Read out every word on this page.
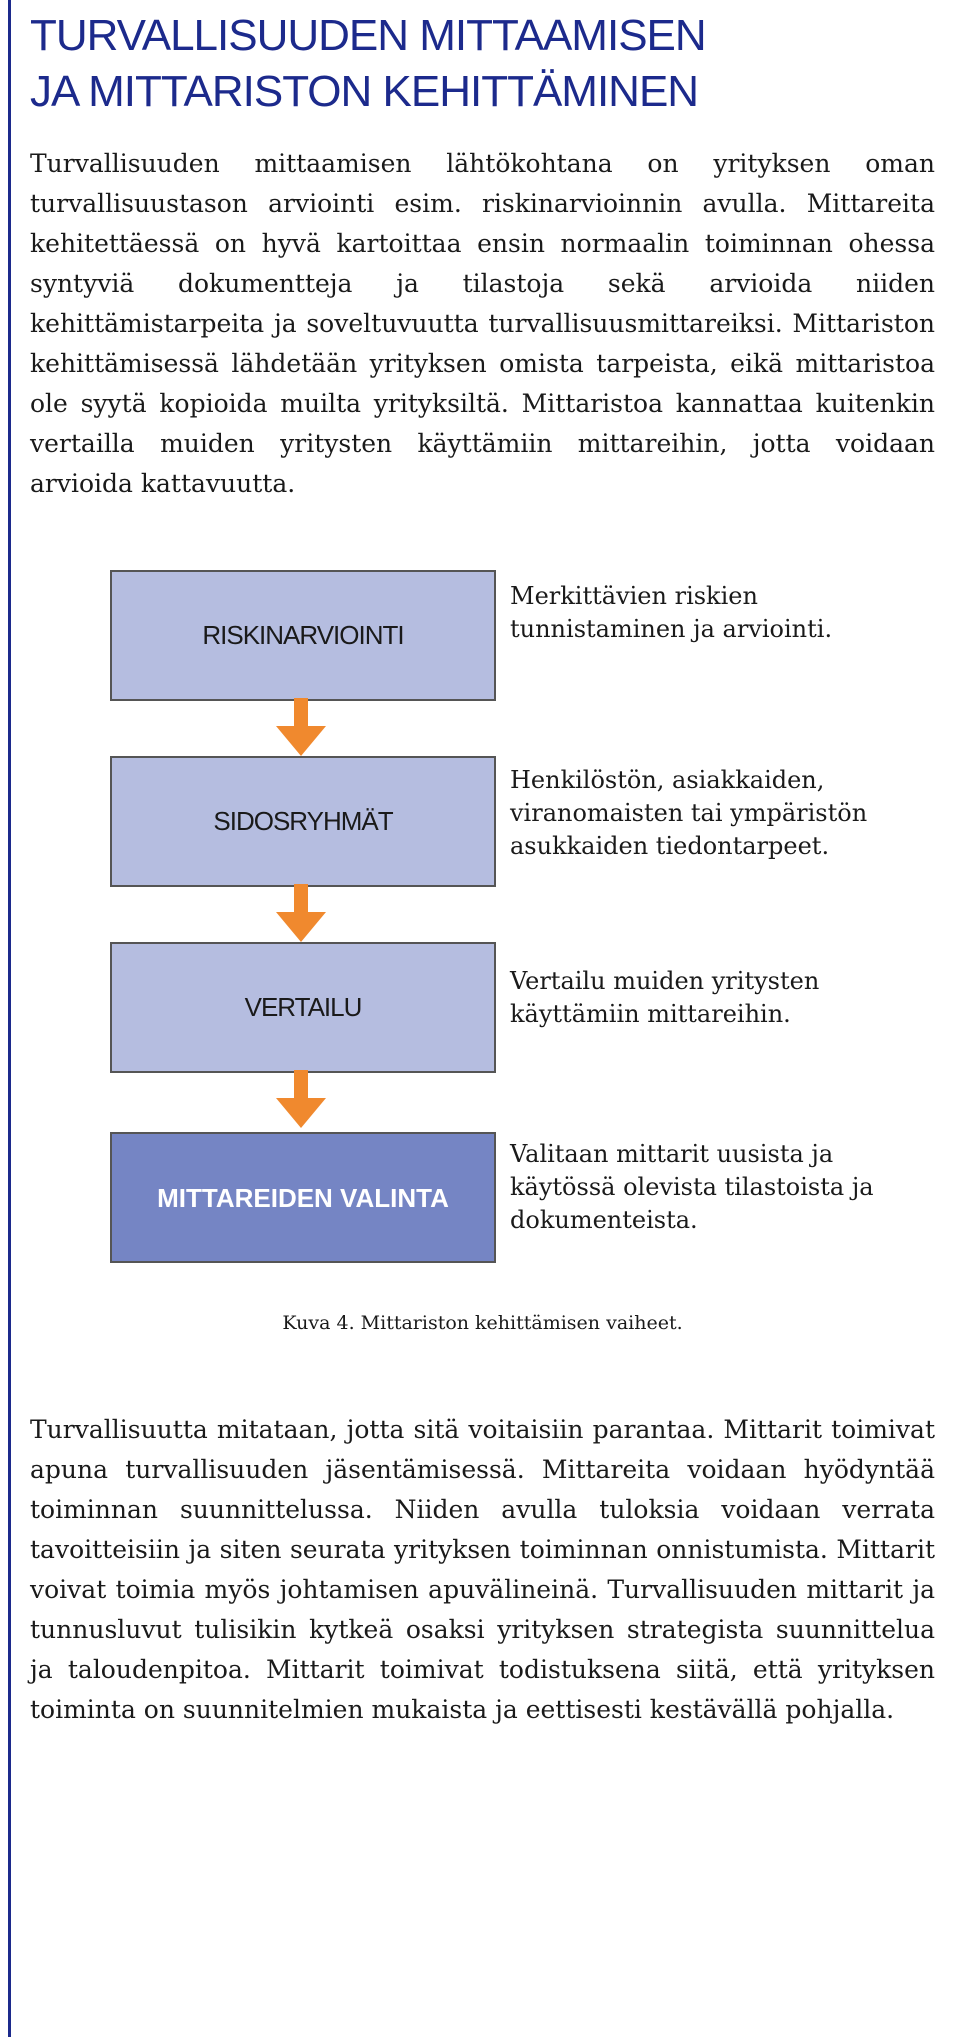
TURVALLISUUDEN MITTAAMISEN
JA MITTARISTON KEHITTÄMINEN

Turvallisuuden mittaamisen lähtökohtana on yrityksen oman turvallisuustason arviointi esim. riskinarvioinnin avulla. Mittareita kehitettäessä on hyvä kartoittaa ensin normaalin toiminnan ohessa syntyviä dokumentteja ja tilastoja sekä arvioida niiden kehittämistarpeita ja soveltuvuutta turvallisuusmittareiksi. Mittariston kehittämisessä lähdetään yrityksen omista tarpeista, eikä mittaristoa ole syytä kopioida muilta yrityksiltä. Mittaristoa kannattaa kuitenkin vertailla muiden yritysten käyttämiin mittareihin, jotta voidaan arvioida kattavuutta.

RISKINARVIOINTI
Merkittävien riskien tunnistaminen ja arviointi.
SIDOSRYHMÄT
Henkilöstön, asiakkaiden, viranomaisten tai ympäristön asukkaiden tiedontarpeet.
VERTAILU
Vertailu muiden yritysten käyttämiin mittareihin.
MITTAREIDEN VALINTA
Valitaan mittarit uusista ja käytössä olevista tilastoista ja dokumenteista.
Kuva 4. Mittariston kehittämisen vaiheet.

Turvallisuutta mitataan, jotta sitä voitaisiin parantaa. Mittarit toimivat apuna turvallisuuden jäsentämisessä. Mittareita voidaan hyödyntää toiminnan suunnittelussa. Niiden avulla tuloksia voidaan verrata tavoitteisiin ja siten seurata yrityksen toiminnan onnistumista. Mittarit voivat toimia myös johtamisen apuvälineinä. Turvallisuuden mittarit ja tunnusluvut tulisikin kytkeä osaksi yrityksen strategista suunnittelua ja taloudenpitoa. Mittarit toimivat todistuksena siitä, että yrityksen toiminta on suunnitelmien mukaista ja eettisesti kestävällä pohjalla.
